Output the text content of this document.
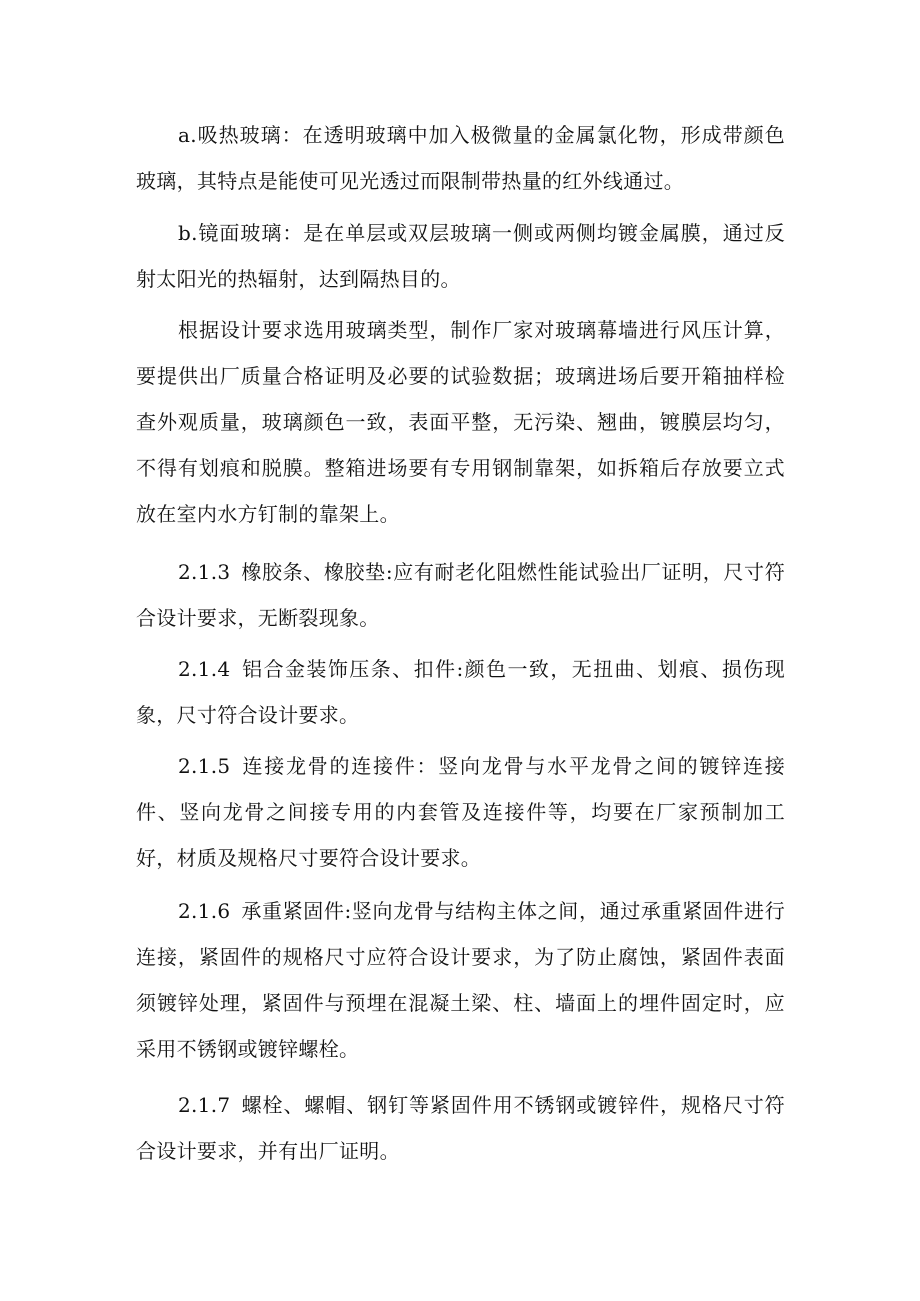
a.吸热玻璃：在透明玻璃中加入极微量的金属氯化物，形成带颜色玻璃，其特点是能使可见光透过而限制带热量的红外线通过。

b.镜面玻璃：是在单层或双层玻璃一侧或两侧均镀金属膜，通过反射太阳光的热辐射，达到隔热目的。

根据设计要求选用玻璃类型，制作厂家对玻璃幕墙进行风压计算，要提供出厂质量合格证明及必要的试验数据；玻璃进场后要开箱抽样检查外观质量，玻璃颜色一致，表面平整，无污染、翘曲，镀膜层均匀，不得有划痕和脱膜。整箱进场要有专用钢制靠架，如拆箱后存放要立式放在室内水方钉制的靠架上。

2.1.3 橡胶条、橡胶垫:应有耐老化阻燃性能试验出厂证明，尺寸符合设计要求，无断裂现象。

2.1.4 铝合金装饰压条、扣件:颜色一致，无扭曲、划痕、损伤现象，尺寸符合设计要求。

2.1.5 连接龙骨的连接件：竖向龙骨与水平龙骨之间的镀锌连接件、竖向龙骨之间接专用的内套管及连接件等，均要在厂家预制加工好，材质及规格尺寸要符合设计要求。

2.1.6 承重紧固件:竖向龙骨与结构主体之间，通过承重紧固件进行连接，紧固件的规格尺寸应符合设计要求，为了防止腐蚀，紧固件表面须镀锌处理，紧固件与预埋在混凝土梁、柱、墙面上的埋件固定时，应采用不锈钢或镀锌螺栓。

2.1.7 螺栓、螺帽、钢钉等紧固件用不锈钢或镀锌件，规格尺寸符合设计要求，并有出厂证明。
